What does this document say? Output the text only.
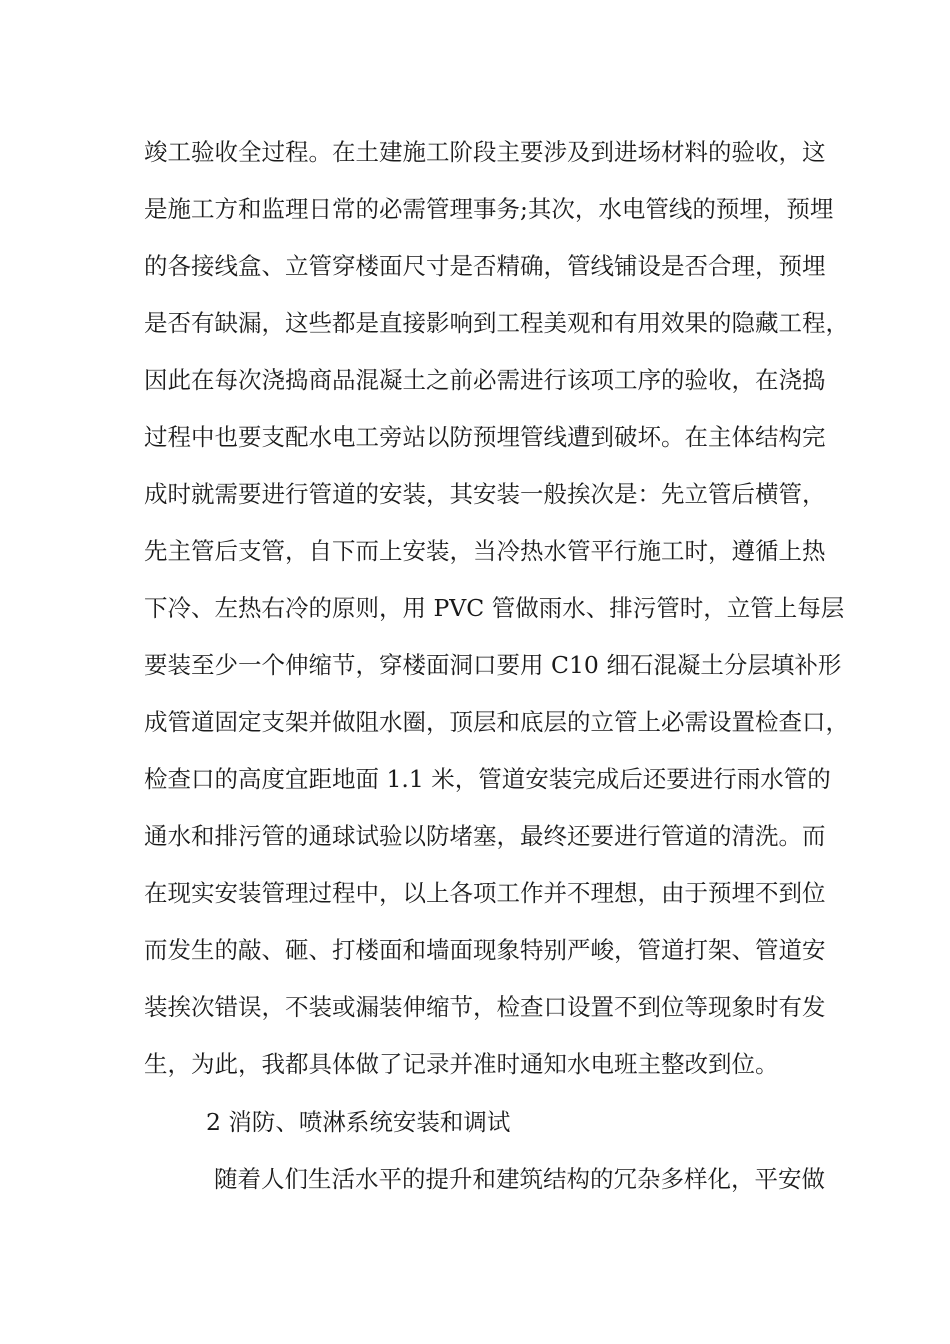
竣工验收全过程。在土建施工阶段主要涉及到进场材料的验收，这
是施工方和监理日常的必需管理事务;其次，水电管线的预埋，预埋
的各接线盒、立管穿楼面尺寸是否精确，管线铺设是否合理，预埋
是否有缺漏，这些都是直接影响到工程美观和有用效果的隐藏工程，
因此在每次浇捣商品混凝土之前必需进行该项工序的验收，在浇捣
过程中也要支配水电工旁站以防预埋管线遭到破坏。在主体结构完
成时就需要进行管道的安装，其安装一般挨次是：先立管后横管，
先主管后支管，自下而上安装，当冷热水管平行施工时，遵循上热
下冷、左热右冷的原则，用 PVC 管做雨水、排污管时，立管上每层
要装至少一个伸缩节，穿楼面洞口要用 C10 细石混凝土分层填补形
成管道固定支架并做阻水圈，顶层和底层的立管上必需设置检查口，
检查口的高度宜距地面 1.1 米，管道安装完成后还要进行雨水管的
通水和排污管的通球试验以防堵塞，最终还要进行管道的清洗。而
在现实安装管理过程中，以上各项工作并不理想，由于预埋不到位
而发生的敲、砸、打楼面和墙面现象特别严峻，管道打架、管道安
装挨次错误，不装或漏装伸缩节，检查口设置不到位等现象时有发
生，为此，我都具体做了记录并准时通知水电班主整改到位。
2 消防、喷淋系统安装和调试
随着人们生活水平的提升和建筑结构的冗杂多样化，平安做
